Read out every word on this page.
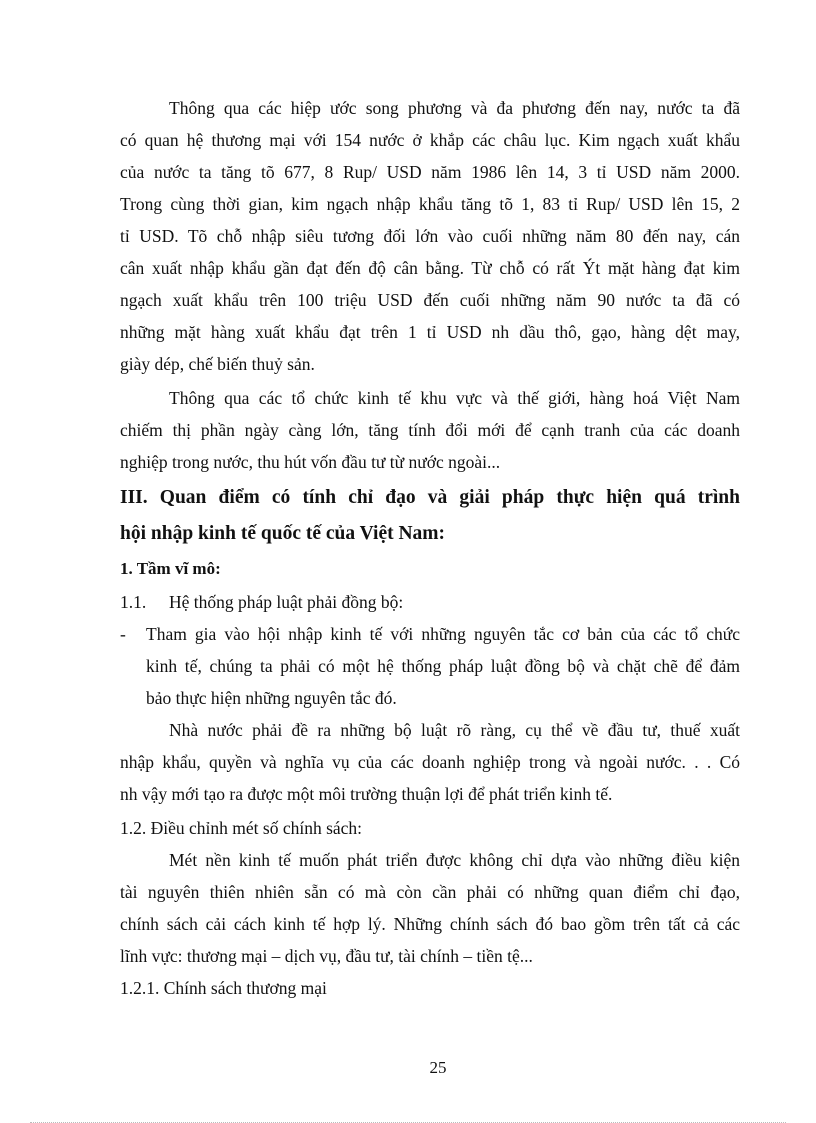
Thông qua các hiệp ước song phương và đa phương đến nay, nước ta đã
có quan hệ thương mại với 154 nước ở khắp các châu lục. Kim ngạch xuất khẩu
của nước ta tăng tõ 677, 8 Rup/ USD năm 1986 lên 14, 3 tỉ USD năm 2000.
Trong cùng thời gian, kim ngạch nhập khẩu tăng tõ 1, 83 tỉ Rup/ USD lên 15, 2
tỉ USD. Tõ chỗ nhập siêu tương đối lớn vào cuối những năm 80 đến nay, cán
cân xuất nhập khẩu gần đạt đến độ cân bằng. Từ chỗ có rất Ýt mặt hàng đạt kim
ngạch xuất khẩu trên 100 triệu USD đến cuối những năm 90 nước ta đã có
những mặt hàng xuất khẩu đạt trên 1 tỉ USD nh dầu thô, gạo, hàng dệt may,
giày dép, chế biến thuỷ sản.
Thông qua các tổ chức kinh tế khu vực và thế giới, hàng hoá Việt Nam
chiếm thị phần ngày càng lớn, tăng tính đổi mới để cạnh tranh của các doanh
nghiệp trong nước, thu hút vốn đầu tư từ nước ngoài...
III. Quan điểm có tính chỉ đạo và giải pháp thực hiện quá trình
hội nhập kinh tế quốc tế của Việt Nam:
1. Tầm vĩ mô:
1.1. Hệ thống pháp luật phải đồng bộ:
- Tham gia vào hội nhập kinh tế với những nguyên tắc cơ bản của các tổ chức
kinh tế, chúng ta phải có một hệ thống pháp luật đồng bộ và chặt chẽ để đảm
bảo thực hiện những nguyên tắc đó.
Nhà nước phải đề ra những bộ luật rõ ràng, cụ thể về đầu tư, thuế xuất
nhập khẩu, quyền và nghĩa vụ của các doanh nghiệp trong và ngoài nước. . . Có
nh vậy mới tạo ra được một môi trường thuận lợi để phát triển kinh tế.
1.2. Điều chỉnh mét số chính sách:
Mét nền kinh tế muốn phát triển được không chỉ dựa vào những điều kiện
tài nguyên thiên nhiên sẵn có mà còn cần phải có những quan điểm chỉ đạo,
chính sách cải cách kinh tế hợp lý. Những chính sách đó bao gồm trên tất cả các
lĩnh vực: thương mại – dịch vụ, đầu tư, tài chính – tiền tệ...
1.2.1. Chính sách thương mại
25
